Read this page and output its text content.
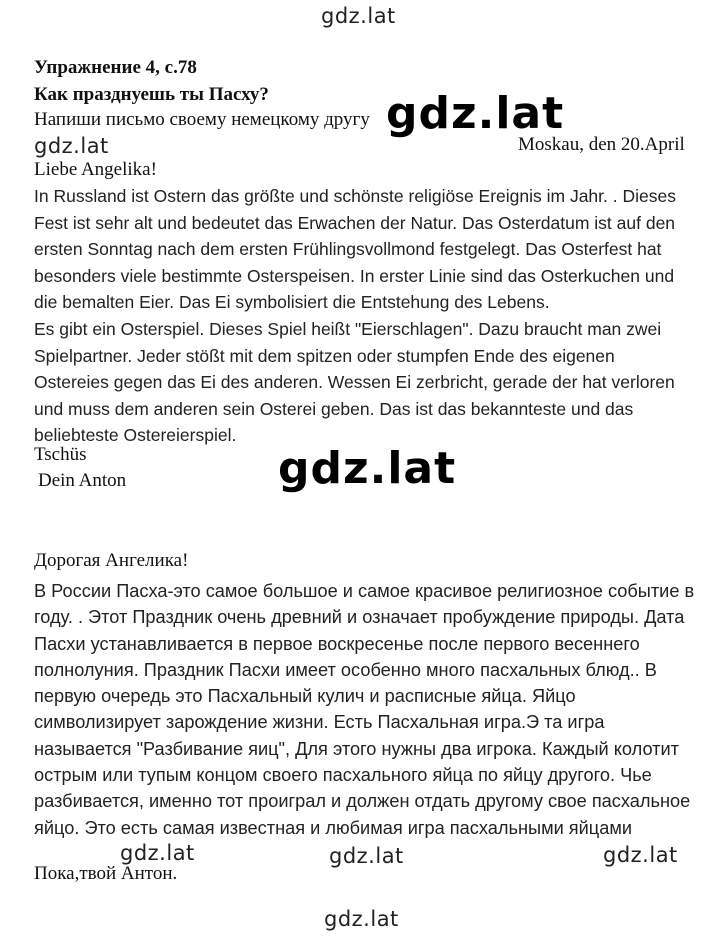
gdz.lat
gdz.lat
gdz.lat
gdz.lat
gdz.lat	gdz.lat	gdz.lat
gdz.lat
Упражнение 4, с.78
Как празднуешь ты Пасху?
Напиши письмо своему немецкому другу
Moskau, den 20.April
Liebe Angelika!
In Russland ist Ostern das größte und schönste religiöse Ereignis im Jahr. . Dieses
Fest ist sehr alt und bedeutet das Erwachen der Natur. Das Osterdatum ist auf den
ersten Sonntag nach dem ersten Frühlingsvollmond festgelegt. Das Osterfest hat
besonders viele bestimmte Osterspeisen. In erster Linie sind das Osterkuchen und
die bemalten Eier. Das Ei symbolisiert die Entstehung des Lebens.
Es gibt ein Osterspiel. Dieses Spiel heißt "Eierschlagen". Dazu braucht man zwei
Spielpartner. Jeder stößt mit dem spitzen oder stumpfen Ende des eigenen
Ostereies gegen das Ei des anderen. Wessen Ei zerbricht, gerade der hat verloren
und muss dem anderen sein Osterei geben. Das ist das bekannteste und das
beliebteste Ostereierspiel.
Tschüs
Dein Anton
Дорогая Ангелика!
В России Пасха-это самое большое и самое красивое религиозное событие в
году. . Этот Праздник очень древний и означает пробуждение природы. Дата
Пасхи устанавливается в первое воскресенье после первого весеннего
полнолуния. Праздник Пасхи имеет особенно много пасхальных блюд.. В
первую очередь это Пасхальный кулич и расписные яйца. Яйцо
символизирует зарождение жизни. Есть Пасхальная игра.Э та игра
называется "Разбивание яиц", Для этого нужны два игрока. Каждый колотит
острым или тупым концом своего пасхального яйца по яйцу другого. Чье
разбивается, именно тот проиграл и должен отдать другому свое пасхальное
яйцо. Это есть самая известная и любимая игра пасхальными яйцами
Пока,твой Антон.
